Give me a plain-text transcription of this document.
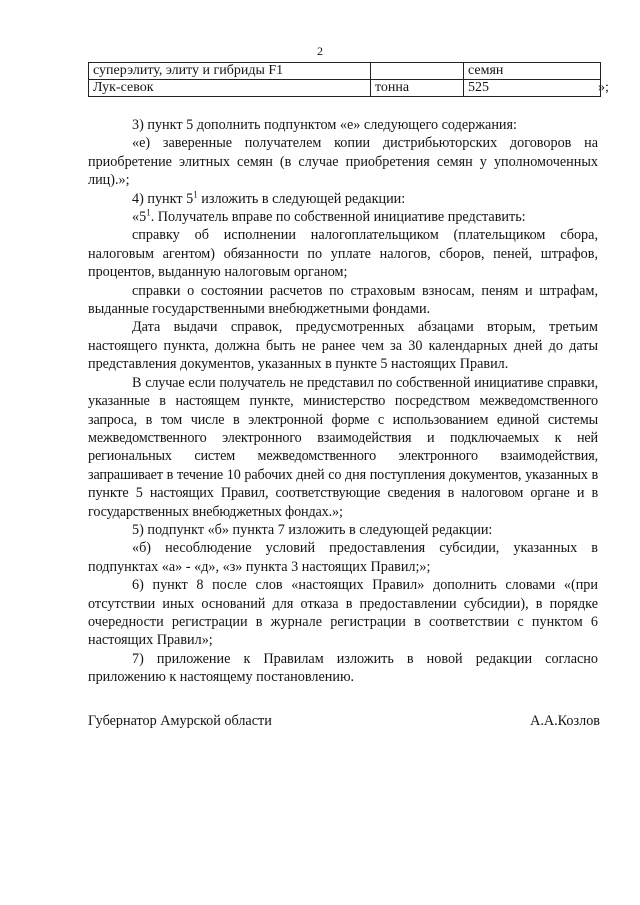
2
суперэлиту, элиту и гибриды F1		семян
Лук-севок	тонна	525	»;

3) пункт 5 дополнить подпунктом «е» следующего содержания:

«е) заверенные получателем копии дистрибьюторских договоров на приобретение элитных семян (в случае приобретения семян у уполномоченных лиц).»;

4) пункт $5^1$ изложить в следующей редакции:

«$5^1$. Получатель вправе по собственной инициативе представить:

справку об исполнении налогоплательщиком (плательщиком сбора, налоговым агентом) обязанности по уплате налогов, сборов, пеней, штрафов, процентов, выданную налоговым органом;

справки о состоянии расчетов по страховым взносам, пеням и штрафам, выданные государственными внебюджетными фондами.

Дата выдачи справок, предусмотренных абзацами вторым, третьим настоящего пункта, должна быть не ранее чем за 30 календарных дней до даты представления документов, указанных в пункте 5 настоящих Правил.

В случае если получатель не представил по собственной инициативе справки, указанные в настоящем пункте, министерство посредством межведомственного запроса, в том числе в электронной форме с использованием единой системы межведомственного электронного взаимодействия и подключаемых к ней региональных систем межведомственного электронного взаимодействия, запрашивает в течение 10 рабочих дней со дня поступления документов, указанных в пункте 5 настоящих Правил, соответствующие сведения в налоговом органе и в государственных внебюджетных фондах.»;

5) подпункт «б» пункта 7 изложить в следующей редакции:

«б) несоблюдение условий предоставления субсидии, указанных в подпунктах «а» - «д», «з» пункта 3 настоящих Правил;»;

6) пункт 8 после слов «настоящих Правил» дополнить словами «(при отсутствии иных оснований для отказа в предоставлении субсидии), в порядке очередности регистрации в журнале регистрации в соответствии с пунктом 6 настоящих Правил»;

7) приложение к Правилам изложить в новой редакции согласно приложению к настоящему постановлению.

Губернатор Амурской области	А.А.Козлов
